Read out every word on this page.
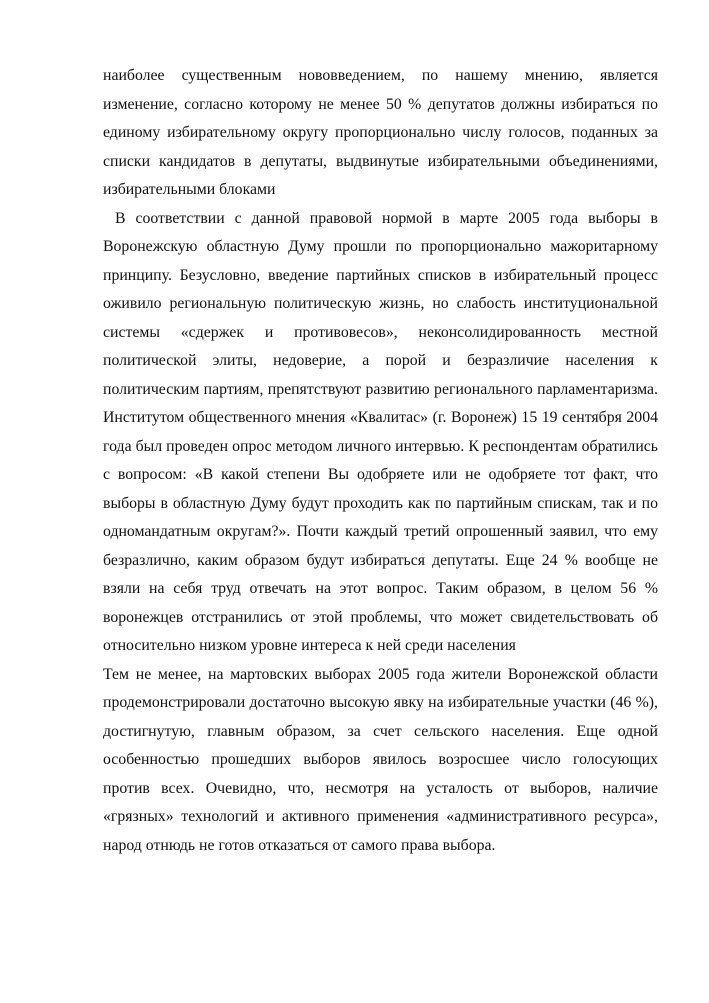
наиболее существенным нововведением, по нашему мнению, является изменение, согласно которому не менее 50 % депутатов должны избираться по единому избирательному округу пропорционально числу голосов, поданных за списки кандидатов в депутаты, выдвинутые избирательными объединениями, избирательными блоками

В соответствии с данной правовой нормой в марте 2005 года выборы в Воронежскую областную Думу прошли по пропорционально мажоритарному принципу. Безусловно, введение партийных списков в избирательный процесс оживило региональную политическую жизнь, но слабость институциональной системы «сдержек и противовесов», неконсолидированность местной политической элиты, недоверие, а порой и безразличие населения к политическим партиям, препятствуют развитию регионального парламентаризма. Институтом общественного мнения «Квалитас» (г. Воронеж) 15 19 сентября 2004 года был проведен опрос методом личного интервью. К респондентам обратились с вопросом: «В какой степени Вы одобряете или не одобряете тот факт, что выборы в областную Думу будут проходить как по партийным спискам, так и по одномандатным округам?». Почти каждый третий опрошенный заявил, что ему безразлично, каким образом будут избираться депутаты. Еще 24 % вообще не взяли на себя труд отвечать на этот вопрос. Таким образом, в целом 56 % воронежцев отстранились от этой проблемы, что может свидетельствовать об относительно низком уровне интереса к ней среди населения

Тем не менее, на мартовских выборах 2005 года жители Воронежской области продемонстрировали достаточно высокую явку на избирательные участки (46 %), достигнутую, главным образом, за счет сельского населения. Еще одной особенностью прошедших выборов явилось возросшее число голосующих против всех. Очевидно, что, несмотря на усталость от выборов, наличие «грязных» технологий и активного применения «административного ресурса», народ отнюдь не готов отказаться от самого права выбора.
